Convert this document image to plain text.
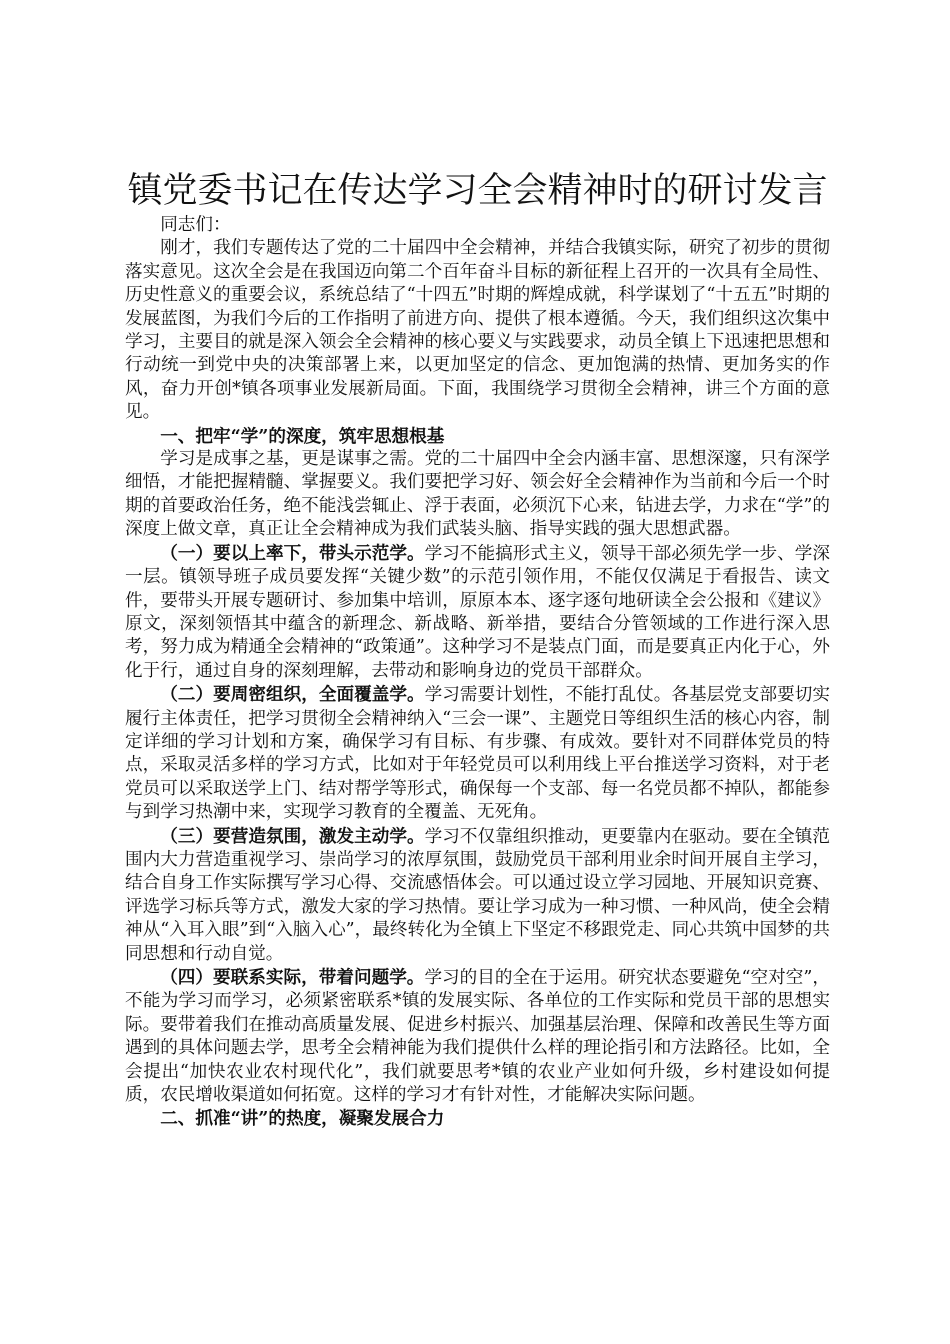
镇党委书记在传达学习全会精神时的研讨发言

同志们：

刚才，我们专题传达了党的二十届四中全会精神，并结合我镇实际，研究了初步的贯彻落实意见。这次全会是在我国迈向第二个百年奋斗目标的新征程上召开的一次具有全局性、历史性意义的重要会议，系统总结了“十四五”时期的辉煌成就，科学谋划了“十五五”时期的发展蓝图，为我们今后的工作指明了前进方向、提供了根本遵循。今天，我们组织这次集中学习，主要目的就是深入领会全会精神的核心要义与实践要求，动员全镇上下迅速把思想和行动统一到党中央的决策部署上来，以更加坚定的信念、更加饱满的热情、更加务实的作风，奋力开创*镇各项事业发展新局面。下面，我围绕学习贯彻全会精神，讲三个方面的意见。

一、把牢“学”的深度，筑牢思想根基

学习是成事之基，更是谋事之需。党的二十届四中全会内涵丰富、思想深邃，只有深学细悟，才能把握精髓、掌握要义。我们要把学习好、领会好全会精神作为当前和今后一个时期的首要政治任务，绝不能浅尝辄止、浮于表面，必须沉下心来，钻进去学，力求在“学”的深度上做文章，真正让全会精神成为我们武装头脑、指导实践的强大思想武器。

（一）要以上率下，带头示范学。学习不能搞形式主义，领导干部必须先学一步、学深一层。镇领导班子成员要发挥“关键少数”的示范引领作用，不能仅仅满足于看报告、读文件，要带头开展专题研讨、参加集中培训，原原本本、逐字逐句地研读全会公报和《建议》原文，深刻领悟其中蕴含的新理念、新战略、新举措，要结合分管领域的工作进行深入思考，努力成为精通全会精神的“政策通”。这种学习不是装点门面，而是要真正内化于心，外化于行，通过自身的深刻理解，去带动和影响身边的党员干部群众。

（二）要周密组织，全面覆盖学。学习需要计划性，不能打乱仗。各基层党支部要切实履行主体责任，把学习贯彻全会精神纳入“三会一课”、主题党日等组织生活的核心内容，制定详细的学习计划和方案，确保学习有目标、有步骤、有成效。要针对不同群体党员的特点，采取灵活多样的学习方式，比如对于年轻党员可以利用线上平台推送学习资料，对于老党员可以采取送学上门、结对帮学等形式，确保每一个支部、每一名党员都不掉队，都能参与到学习热潮中来，实现学习教育的全覆盖、无死角。

（三）要营造氛围，激发主动学。学习不仅靠组织推动，更要靠内在驱动。要在全镇范围内大力营造重视学习、崇尚学习的浓厚氛围，鼓励党员干部利用业余时间开展自主学习，结合自身工作实际撰写学习心得、交流感悟体会。可以通过设立学习园地、开展知识竞赛、评选学习标兵等方式，激发大家的学习热情。要让学习成为一种习惯、一种风尚，使全会精神从“入耳入眼”到“入脑入心”，最终转化为全镇上下坚定不移跟党走、同心共筑中国梦的共同思想和行动自觉。

（四）要联系实际，带着问题学。学习的目的全在于运用。研究状态要避免“空对空”，不能为学习而学习，必须紧密联系*镇的发展实际、各单位的工作实际和党员干部的思想实际。要带着我们在推动高质量发展、促进乡村振兴、加强基层治理、保障和改善民生等方面遇到的具体问题去学，思考全会精神能为我们提供什么样的理论指引和方法路径。比如，全会提出“加快农业农村现代化”，我们就要思考*镇的农业产业如何升级，乡村建设如何提质，农民增收渠道如何拓宽。这样的学习才有针对性，才能解决实际问题。

二、抓准“讲”的热度，凝聚发展合力
